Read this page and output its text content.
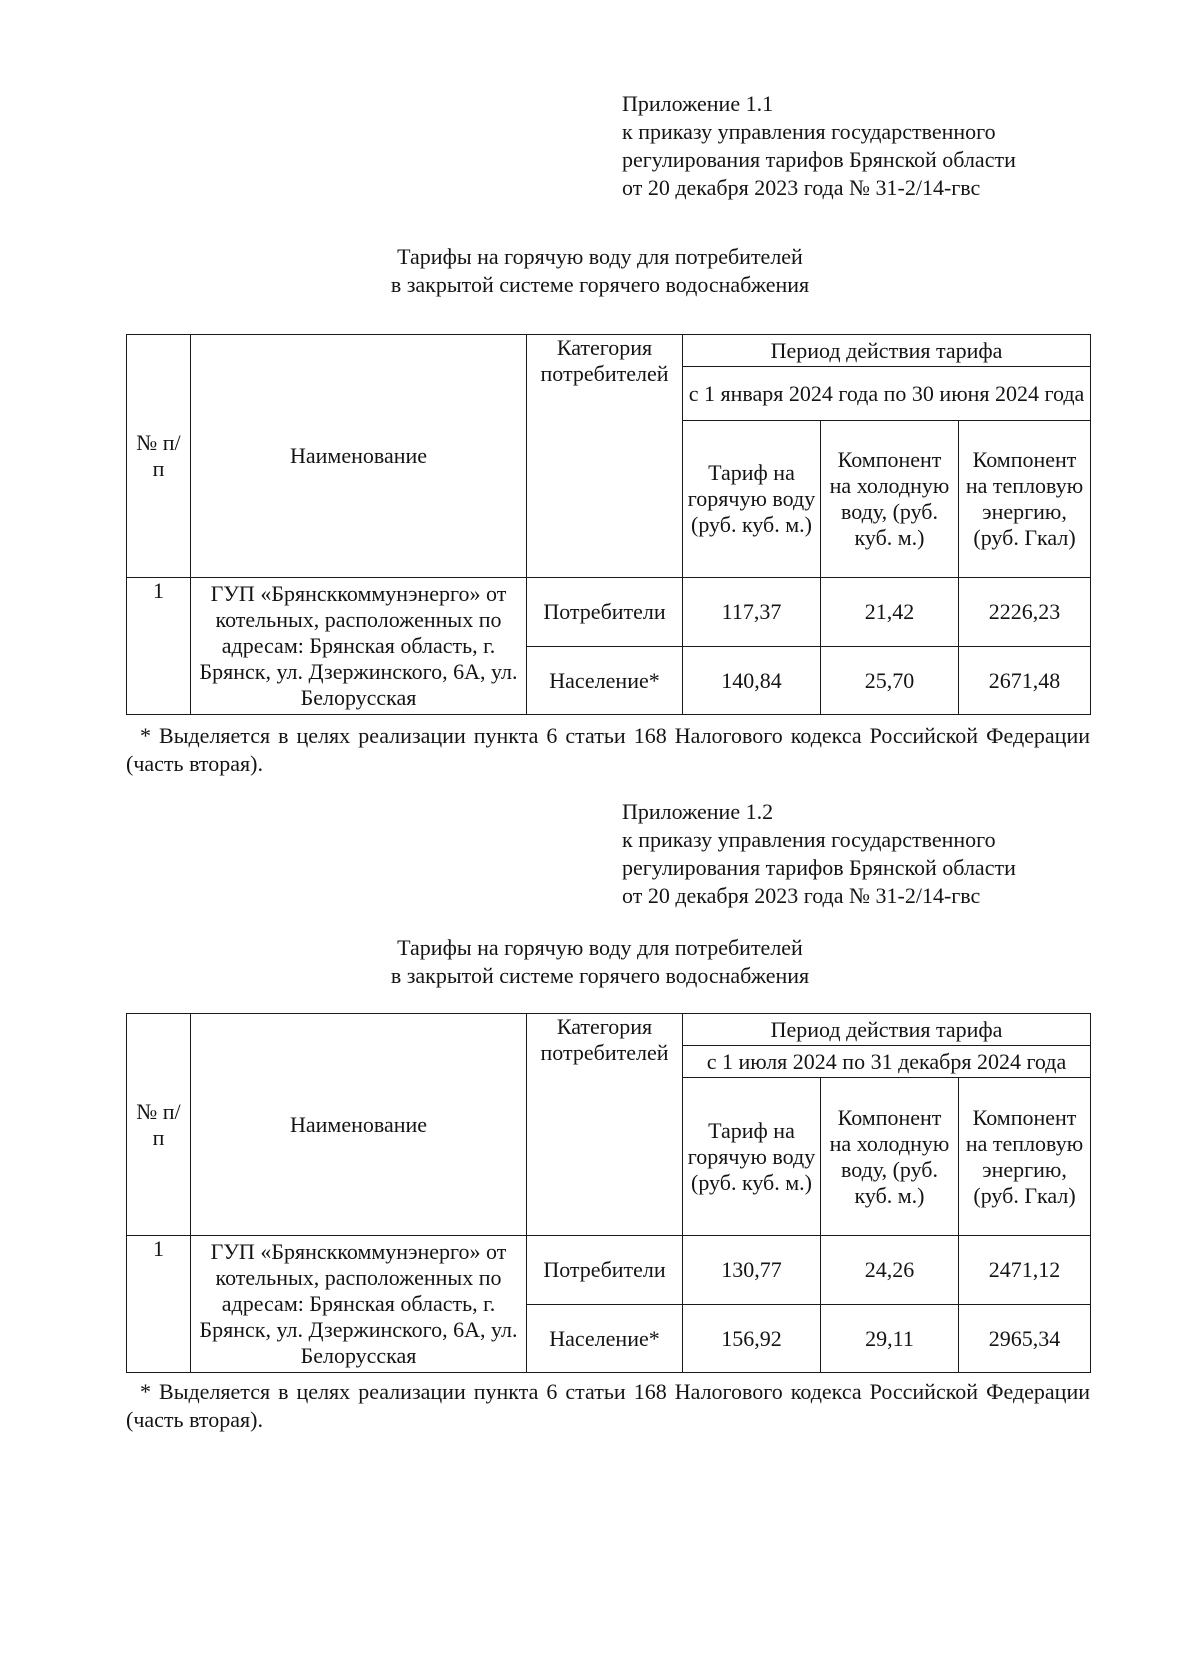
Приложение 1.1
к приказу управления государственного
регулирования тарифов Брянской области
от 20 декабря 2023 года № 31-2/14-гвс
Тарифы на горячую воду для потребителей
в закрытой системе горячего водоснабжения
№ п/п	Наименование	Категория потребителей	Период действия тарифа		
			с 1 января 2024 года по 30 июня 2024 года		
			Тариф на горячую воду (руб. куб. м.)	Компонент на холодную воду, (руб. куб. м.)	Компонент на тепловую энергию, (руб. Гкал)
1	ГУП «Брянсккоммунэнерго» от котельных, расположенных по адресам: Брянская область, г. Брянск, ул. Дзержинского, 6А, ул. Белорусская	Потребители	117,37	21,42	2226,23
		Население*	140,84	25,70	2671,48
* Выделяется в целях реализации пункта 6 статьи 168 Налогового кодекса Российской Федерации (часть вторая).
Приложение 1.2
к приказу управления государственного
регулирования тарифов Брянской области
от 20 декабря 2023 года № 31-2/14-гвс
Тарифы на горячую воду для потребителей
в закрытой системе горячего водоснабжения
№ п/п	Наименование	Категория потребителей	Период действия тарифа		
			с 1 июля 2024 по 31 декабря 2024 года		
			Тариф на горячую воду (руб. куб. м.)	Компонент на холодную воду, (руб. куб. м.)	Компонент на тепловую энергию, (руб. Гкал)
1	ГУП «Брянсккоммунэнерго» от котельных, расположенных по адресам: Брянская область, г. Брянск, ул. Дзержинского, 6А, ул. Белорусская	Потребители	130,77	24,26	2471,12
		Население*	156,92	29,11	2965,34
* Выделяется в целях реализации пункта 6 статьи 168 Налогового кодекса Российской Федерации (часть вторая).
